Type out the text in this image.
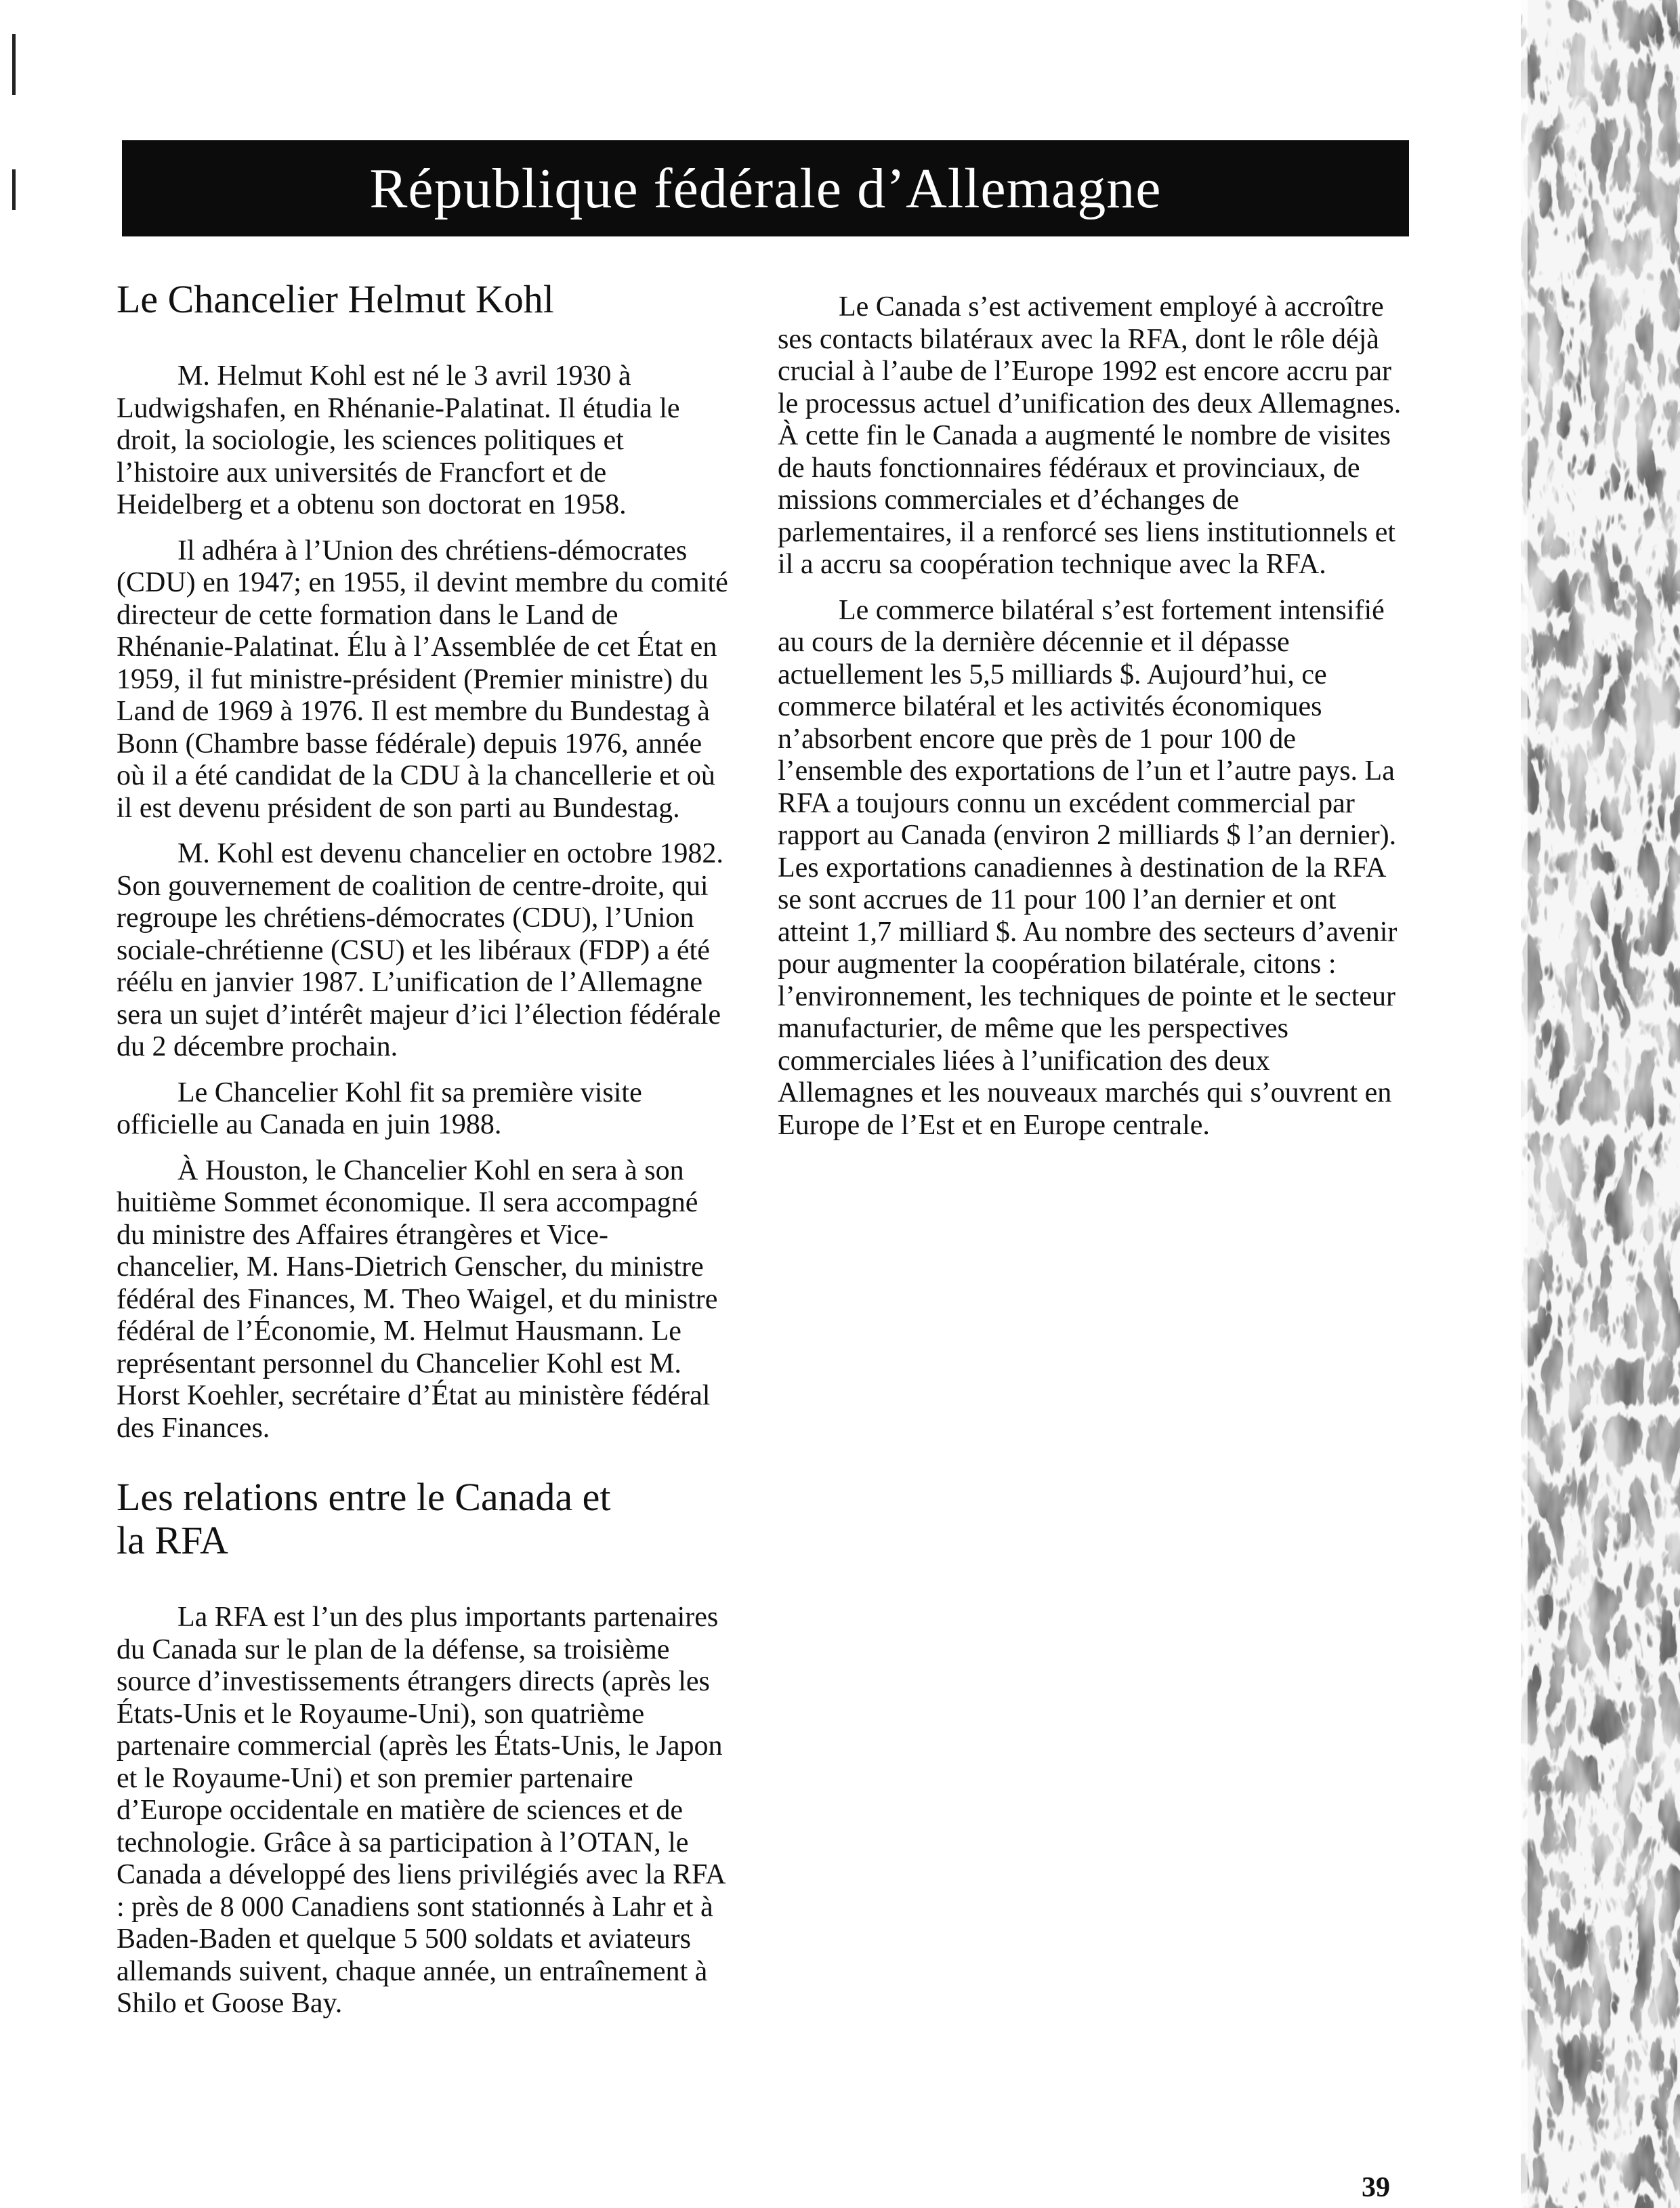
République fédérale d’Allemagne
Le Chancelier Helmut Kohl

M. Helmut Kohl est né le 3 avril 1930 à Ludwigshafen, en Rhénanie-Palatinat. Il étudia le droit, la sociologie, les sciences politiques et l’histoire aux universités de Francfort et de Heidelberg et a obtenu son doctorat en 1958.

Il adhéra à l’Union des chrétiens-démocrates (CDU) en 1947; en 1955, il devint membre du comité directeur de cette formation dans le Land de Rhénanie-Palatinat. Élu à l’Assemblée de cet État en 1959, il fut ministre-président (Premier ministre) du Land de 1969 à 1976. Il est membre du Bundestag à Bonn (Chambre basse fédérale) depuis 1976, année où il a été candidat de la CDU à la chancellerie et où il est devenu président de son parti au Bundestag.

M. Kohl est devenu chancelier en octobre 1982. Son gouvernement de coalition de centre-droite, qui regroupe les chrétiens-démocrates (CDU), l’Union sociale-chrétienne (CSU) et les libéraux (FDP) a été réélu en janvier 1987. L’unification de l’Allemagne sera un sujet d’intérêt majeur d’ici l’élection fédérale du 2 décembre prochain.

Le Chancelier Kohl fit sa première visite officielle au Canada en juin 1988.

À Houston, le Chancelier Kohl en sera à son huitième Sommet économique. Il sera accompagné du ministre des Affaires étrangères et Vice-chancelier, M. Hans-Dietrich Genscher, du ministre fédéral des Finances, M. Theo Waigel, et du ministre fédéral de l’Économie, M. Helmut Hausmann. Le représentant personnel du Chancelier Kohl est M. Horst Koehler, secrétaire d’État au ministère fédéral des Finances.

Les relations entre le Canada et
la RFA

La RFA est l’un des plus importants partenaires du Canada sur le plan de la défense, sa troisième source d’investissements étrangers directs (après les États-Unis et le Royaume-Uni), son quatrième partenaire commercial (après les États-Unis, le Japon et le Royaume-Uni) et son premier partenaire d’Europe occidentale en matière de sciences et de technologie. Grâce à sa participation à l’OTAN, le Canada a développé des liens privilégiés avec la RFA : près de 8 000 Canadiens sont stationnés à Lahr et à Baden-Baden et quelque 5 500 soldats et aviateurs allemands suivent, chaque année, un entraînement à Shilo et Goose Bay.

Le Canada s’est activement employé à accroître ses contacts bilatéraux avec la RFA, dont le rôle déjà crucial à l’aube de l’Europe 1992 est encore accru par le processus actuel d’unification des deux Allemagnes. À cette fin le Canada a augmenté le nombre de visites de hauts fonctionnaires fédéraux et provinciaux, de missions commerciales et d’échanges de parlementaires, il a renforcé ses liens institutionnels et il a accru sa coopération technique avec la RFA.

Le commerce bilatéral s’est fortement intensifié au cours de la dernière décennie et il dépasse actuellement les 5,5 milliards $. Aujourd’hui, ce commerce bilatéral et les activités économiques n’absorbent encore que près de 1 pour 100 de l’ensemble des exportations de l’un et l’autre pays. La RFA a toujours connu un excédent commercial par rapport au Canada (environ 2 milliards $ l’an dernier). Les exportations canadiennes à destination de la RFA se sont accrues de 11 pour 100 l’an dernier et ont atteint 1,7 milliard $. Au nombre des secteurs d’avenir pour augmenter la coopération bilatérale, citons : l’environnement, les techniques de pointe et le secteur manufacturier, de même que les perspectives commerciales liées à l’unification des deux Allemagnes et les nouveaux marchés qui s’ouvrent en Europe de l’Est et en Europe centrale.

39
